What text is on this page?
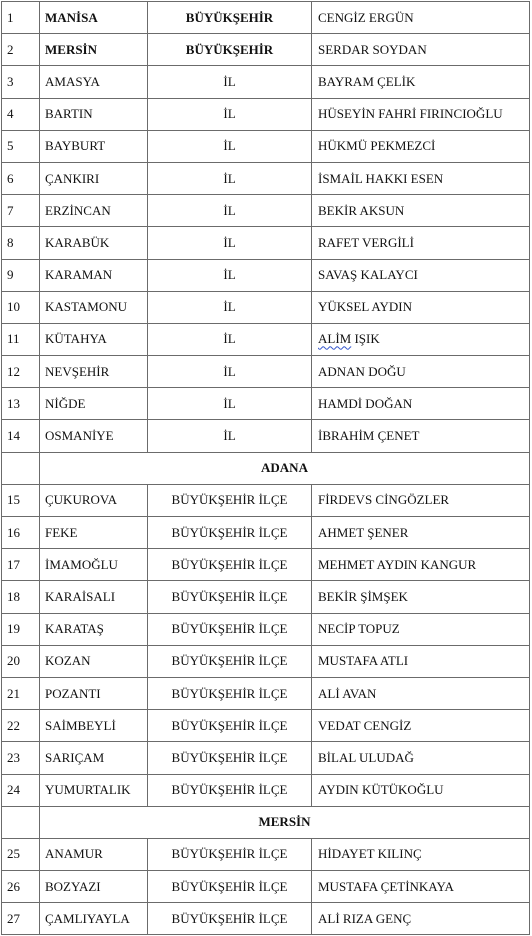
1	MANİSA	BÜYÜKŞEHİR	CENGİZ ERGÜN
2	MERSİN	BÜYÜKŞEHİR	SERDAR SOYDAN
3	AMASYA	İL	BAYRAM ÇELİK
4	BARTIN	İL	HÜSEYİN FAHRİ FIRINCIOĞLU
5	BAYBURT	İL	HÜKMÜ PEKMEZCİ
6	ÇANKIRI	İL	İSMAİL HAKKI ESEN
7	ERZİNCAN	İL	BEKİR AKSUN
8	KARABÜK	İL	RAFET VERGİLİ
9	KARAMAN	İL	SAVAŞ KALAYCI
10	KASTAMONU	İL	YÜKSEL AYDIN
11	KÜTAHYA	İL	ALİM IŞIK
12	NEVŞEHİR	İL	ADNAN DOĞU
13	NİĞDE	İL	HAMDİ DOĞAN
14	OSMANİYE	İL	İBRAHİM ÇENET
	ADANA		
15	ÇUKUROVA	BÜYÜKŞEHİR İLÇE	FİRDEVS CİNGÖZLER
16	FEKE	BÜYÜKŞEHİR İLÇE	AHMET ŞENER
17	İMAMOĞLU	BÜYÜKŞEHİR İLÇE	MEHMET AYDIN KANGUR
18	KARAİSALI	BÜYÜKŞEHİR İLÇE	BEKİR ŞİMŞEK
19	KARATAŞ	BÜYÜKŞEHİR İLÇE	NECİP TOPUZ
20	KOZAN	BÜYÜKŞEHİR İLÇE	MUSTAFA ATLI
21	POZANTI	BÜYÜKŞEHİR İLÇE	ALİ AVAN
22	SAİMBEYLİ	BÜYÜKŞEHİR İLÇE	VEDAT CENGİZ
23	SARIÇAM	BÜYÜKŞEHİR İLÇE	BİLAL ULUDAĞ
24	YUMURTALIK	BÜYÜKŞEHİR İLÇE	AYDIN KÜTÜKOĞLU
	MERSİN		
25	ANAMUR	BÜYÜKŞEHİR İLÇE	HİDAYET KILINÇ
26	BOZYAZI	BÜYÜKŞEHİR İLÇE	MUSTAFA ÇETİNKAYA
27	ÇAMLIYAYLA	BÜYÜKŞEHİR İLÇE	ALİ RIZA GENÇ
